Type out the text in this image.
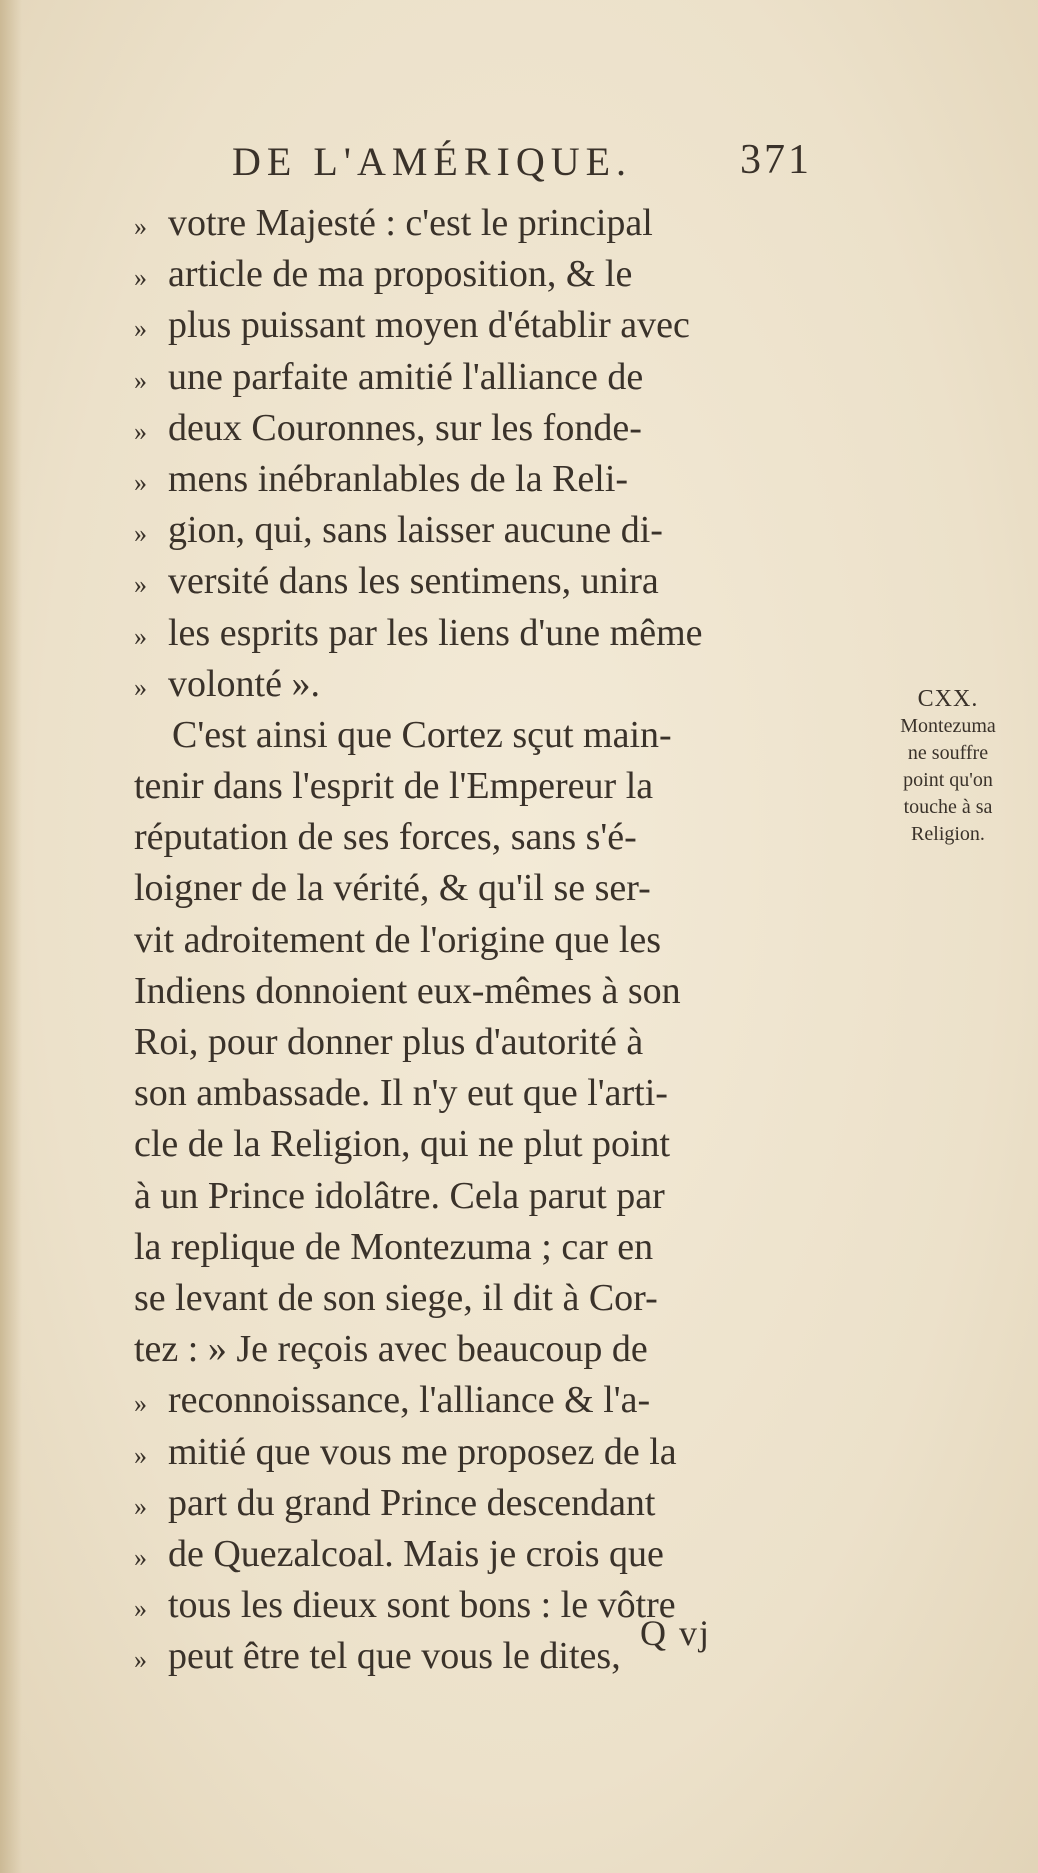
DE L'AMÉRIQUE.	371
» votre Majesté : c'est le principal
» article de ma proposition, & le
» plus puissant moyen d'établir avec
» une parfaite amitié l'alliance de
» deux Couronnes, sur les fonde-
» mens inébranlables de la Reli-
» gion, qui, sans laisser aucune di-
» versité dans les sentimens, unira
» les esprits par les liens d'une même
» volonté ».
C'est ainsi que Cortez sçut main-
tenir dans l'esprit de l'Empereur la
réputation de ses forces, sans s'é-
loigner de la vérité, & qu'il se ser-
vit adroitement de l'origine que les
Indiens donnoient eux-mêmes à son
Roi, pour donner plus d'autorité à
son ambassade. Il n'y eut que l'arti-
cle de la Religion, qui ne plut point
à un Prince idolâtre. Cela parut par
la replique de Montezuma ; car en
se levant de son siege, il dit à Cor-
tez : » Je reçois avec beaucoup de
» reconnoissance, l'alliance & l'a-
» mitié que vous me proposez de la
» part du grand Prince descendant
» de Quezalcoal. Mais je crois que
» tous les dieux sont bons : le vôtre
» peut être tel que vous le dites,
CXX.
Montezuma
ne souffre
point qu'on
touche à sa
Religion.
Q vj
